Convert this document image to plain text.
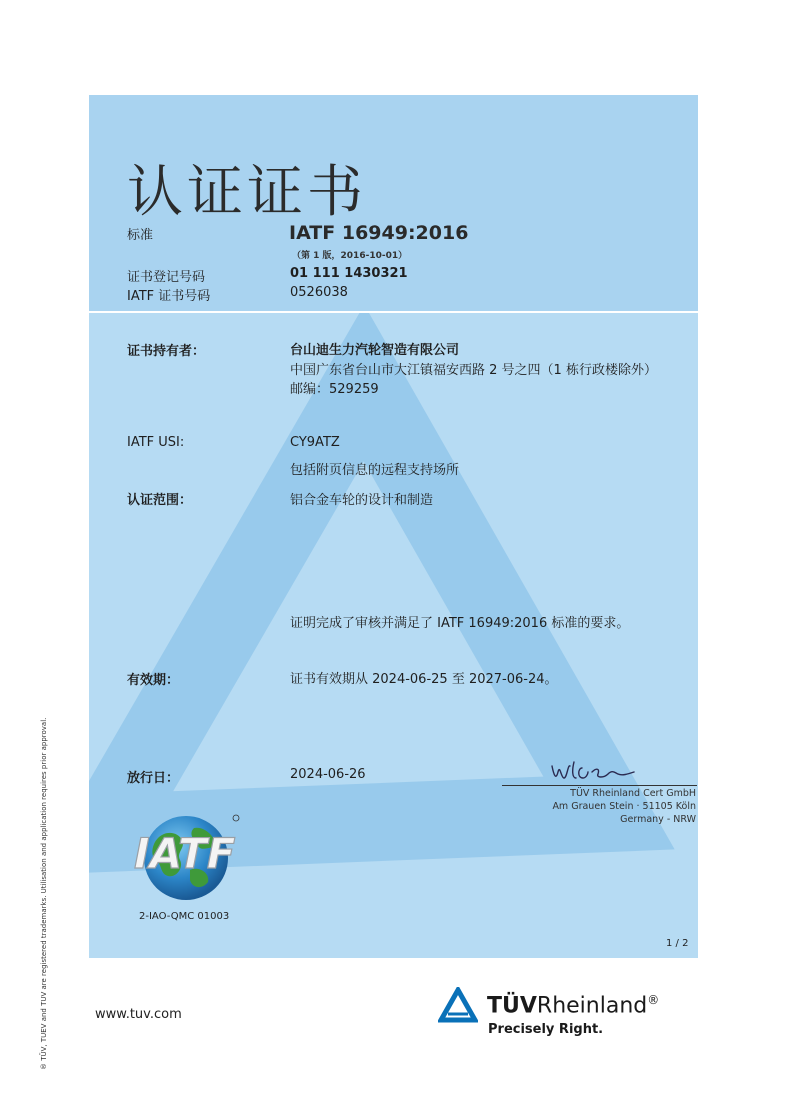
认证证书
标准	IATF 16949:2016
（第 1 版，2016-10-01）
证书登记号码	01 111 1430321
IATF 证书号码	0526038
证书持有者：	台山迪生力汽轮智造有限公司
中国广东省台山市大江镇福安西路 2 号之四（1 栋行政楼除外）
邮编：529259
IATF USI:	CY9ATZ
包括附页信息的远程支持场所
认证范围：	铝合金车轮的设计和制造
证明完成了审核并满足了 IATF 16949:2016 标准的要求。
有效期：	证书有效期从 2024-06-25 至 2027-06-24。
放行日：	2024-06-26
TÜV Rheinland Cert GmbH
Am Grauen Stein · 51105 Köln
Germany - NRW
IATF
2-IAO-QMC 01003
1 / 2
www.tuv.com	TÜVRheinland®
Precisely Right.
® TÜV, TUEV and TUV are registered trademarks. Utilisation and application requires prior approval.
